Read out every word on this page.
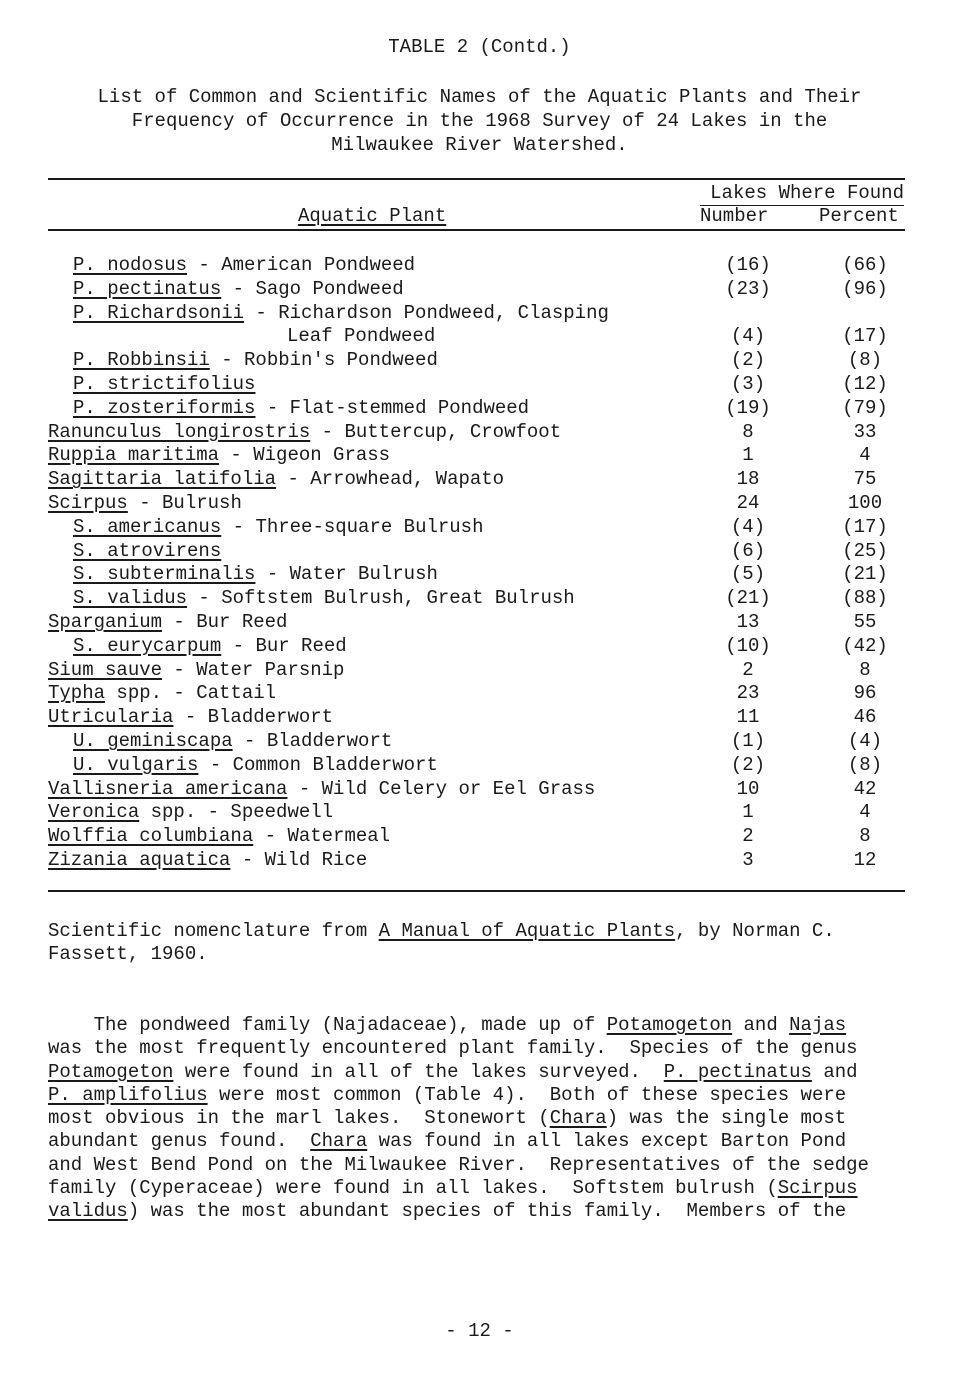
TABLE 2 (Contd.)
List of Common and Scientific Names of the Aquatic Plants and Their
Frequency of Occurrence in the 1968 Survey of 24 Lakes in the
Milwaukee River Watershed.
Lakes Where Found
Aquatic Plant	Number	Percent
P. nodosus - American Pondweed	(16)	(66)
P. pectinatus - Sago Pondweed	(23)	(96)
P. Richardsonii - Richardson Pondweed, Clasping
Leaf Pondweed	(4)	(17)
P. Robbinsii - Robbin's Pondweed	(2)	(8)
P. strictifolius	(3)	(12)
P. zosteriformis - Flat-stemmed Pondweed	(19)	(79)
Ranunculus longirostris - Buttercup, Crowfoot	8	33
Ruppia maritima - Wigeon Grass	1	4
Sagittaria latifolia - Arrowhead, Wapato	18	75
Scirpus - Bulrush	24	100
S. americanus - Three-square Bulrush	(4)	(17)
S. atrovirens	(6)	(25)
S. subterminalis - Water Bulrush	(5)	(21)
S. validus - Softstem Bulrush, Great Bulrush	(21)	(88)
Sparganium - Bur Reed	13	55
S. eurycarpum - Bur Reed	(10)	(42)
Sium sauve - Water Parsnip	2	8
Typha spp. - Cattail	23	96
Utricularia - Bladderwort	11	46
U. geminiscapa - Bladderwort	(1)	(4)
U. vulgaris - Common Bladderwort	(2)	(8)
Vallisneria americana - Wild Celery or Eel Grass	10	42
Veronica spp. - Speedwell	1	4
Wolffia columbiana - Watermeal	2	8
Zizania aquatica - Wild Rice	3	12
Scientific nomenclature from A Manual of Aquatic Plants, by Norman C.
Fassett, 1960.
The pondweed family (Najadaceae), made up of Potamogeton and Najas
was the most frequently encountered plant family.  Species of the genus
Potamogeton were found in all of the lakes surveyed.  P. pectinatus and
P. amplifolius were most common (Table 4).  Both of these species were
most obvious in the marl lakes.  Stonewort (Chara) was the single most
abundant genus found.  Chara was found in all lakes except Barton Pond
and West Bend Pond on the Milwaukee River.  Representatives of the sedge
family (Cyperaceae) were found in all lakes.  Softstem bulrush (Scirpus
validus) was the most abundant species of this family.  Members of the
- 12 -
